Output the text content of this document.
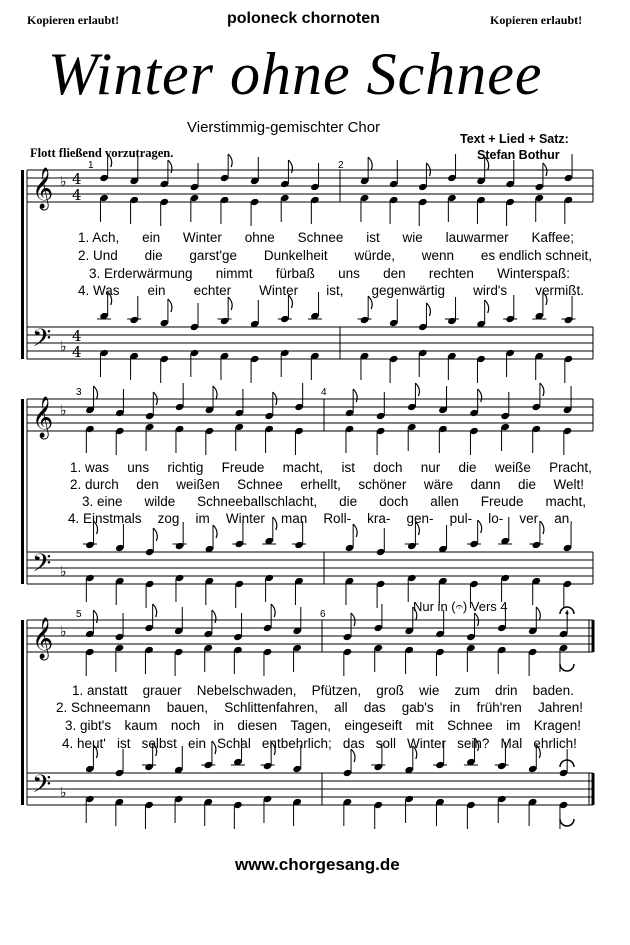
Kopieren erlaubt!	poloneck chornoten	Kopieren erlaubt!
Winter ohne Schnee
Vierstimmig-gemischter Chor
Text + Lied + Satz:
Stefan Bothur
Flott fließend vorzutragen.
1	2
3	4
5	6
Nur in (𝄐) Vers 4
𝄞
𝄢
♭
♭
4
4
4
4
𝄞
𝄢
♭
♭
𝄞
𝄢
♭
♭
1. Ach, ein Winter ohne Schnee ist wie lauwarmer Kaffee;
2. Und die garst'ge Dunkelheit würde, wenn es endlich schneit,
3. Erderwärmung nimmt fürbaß uns den rechten Winterspaß:
4. Was ein echter Winter ist, gegenwärtig wird's vermißt.
1. was uns richtig Freude macht, ist doch nur die weiße Pracht,
2. durch den weißen Schnee erhellt, schöner wäre dann die Welt!
3. eine wilde Schneeballschlacht, die doch allen Freude macht,
4. Einstmals zog im Winter man Roll- kra- gen- pul- lo- ver an,
1. anstatt grauer Nebelschwaden, Pfützen, groß wie zum drin baden.
2. Schneemann bauen, Schlittenfahren, all das gab's in früh'ren Jahren!
3. gibt's kaum noch in diesen Tagen, eingeseift mit Schnee im Kragen!
4. heut' ist selbst ein Schal entbehrlich; das soll Winter sein? Mal ehrlich!
www.chorgesang.de
